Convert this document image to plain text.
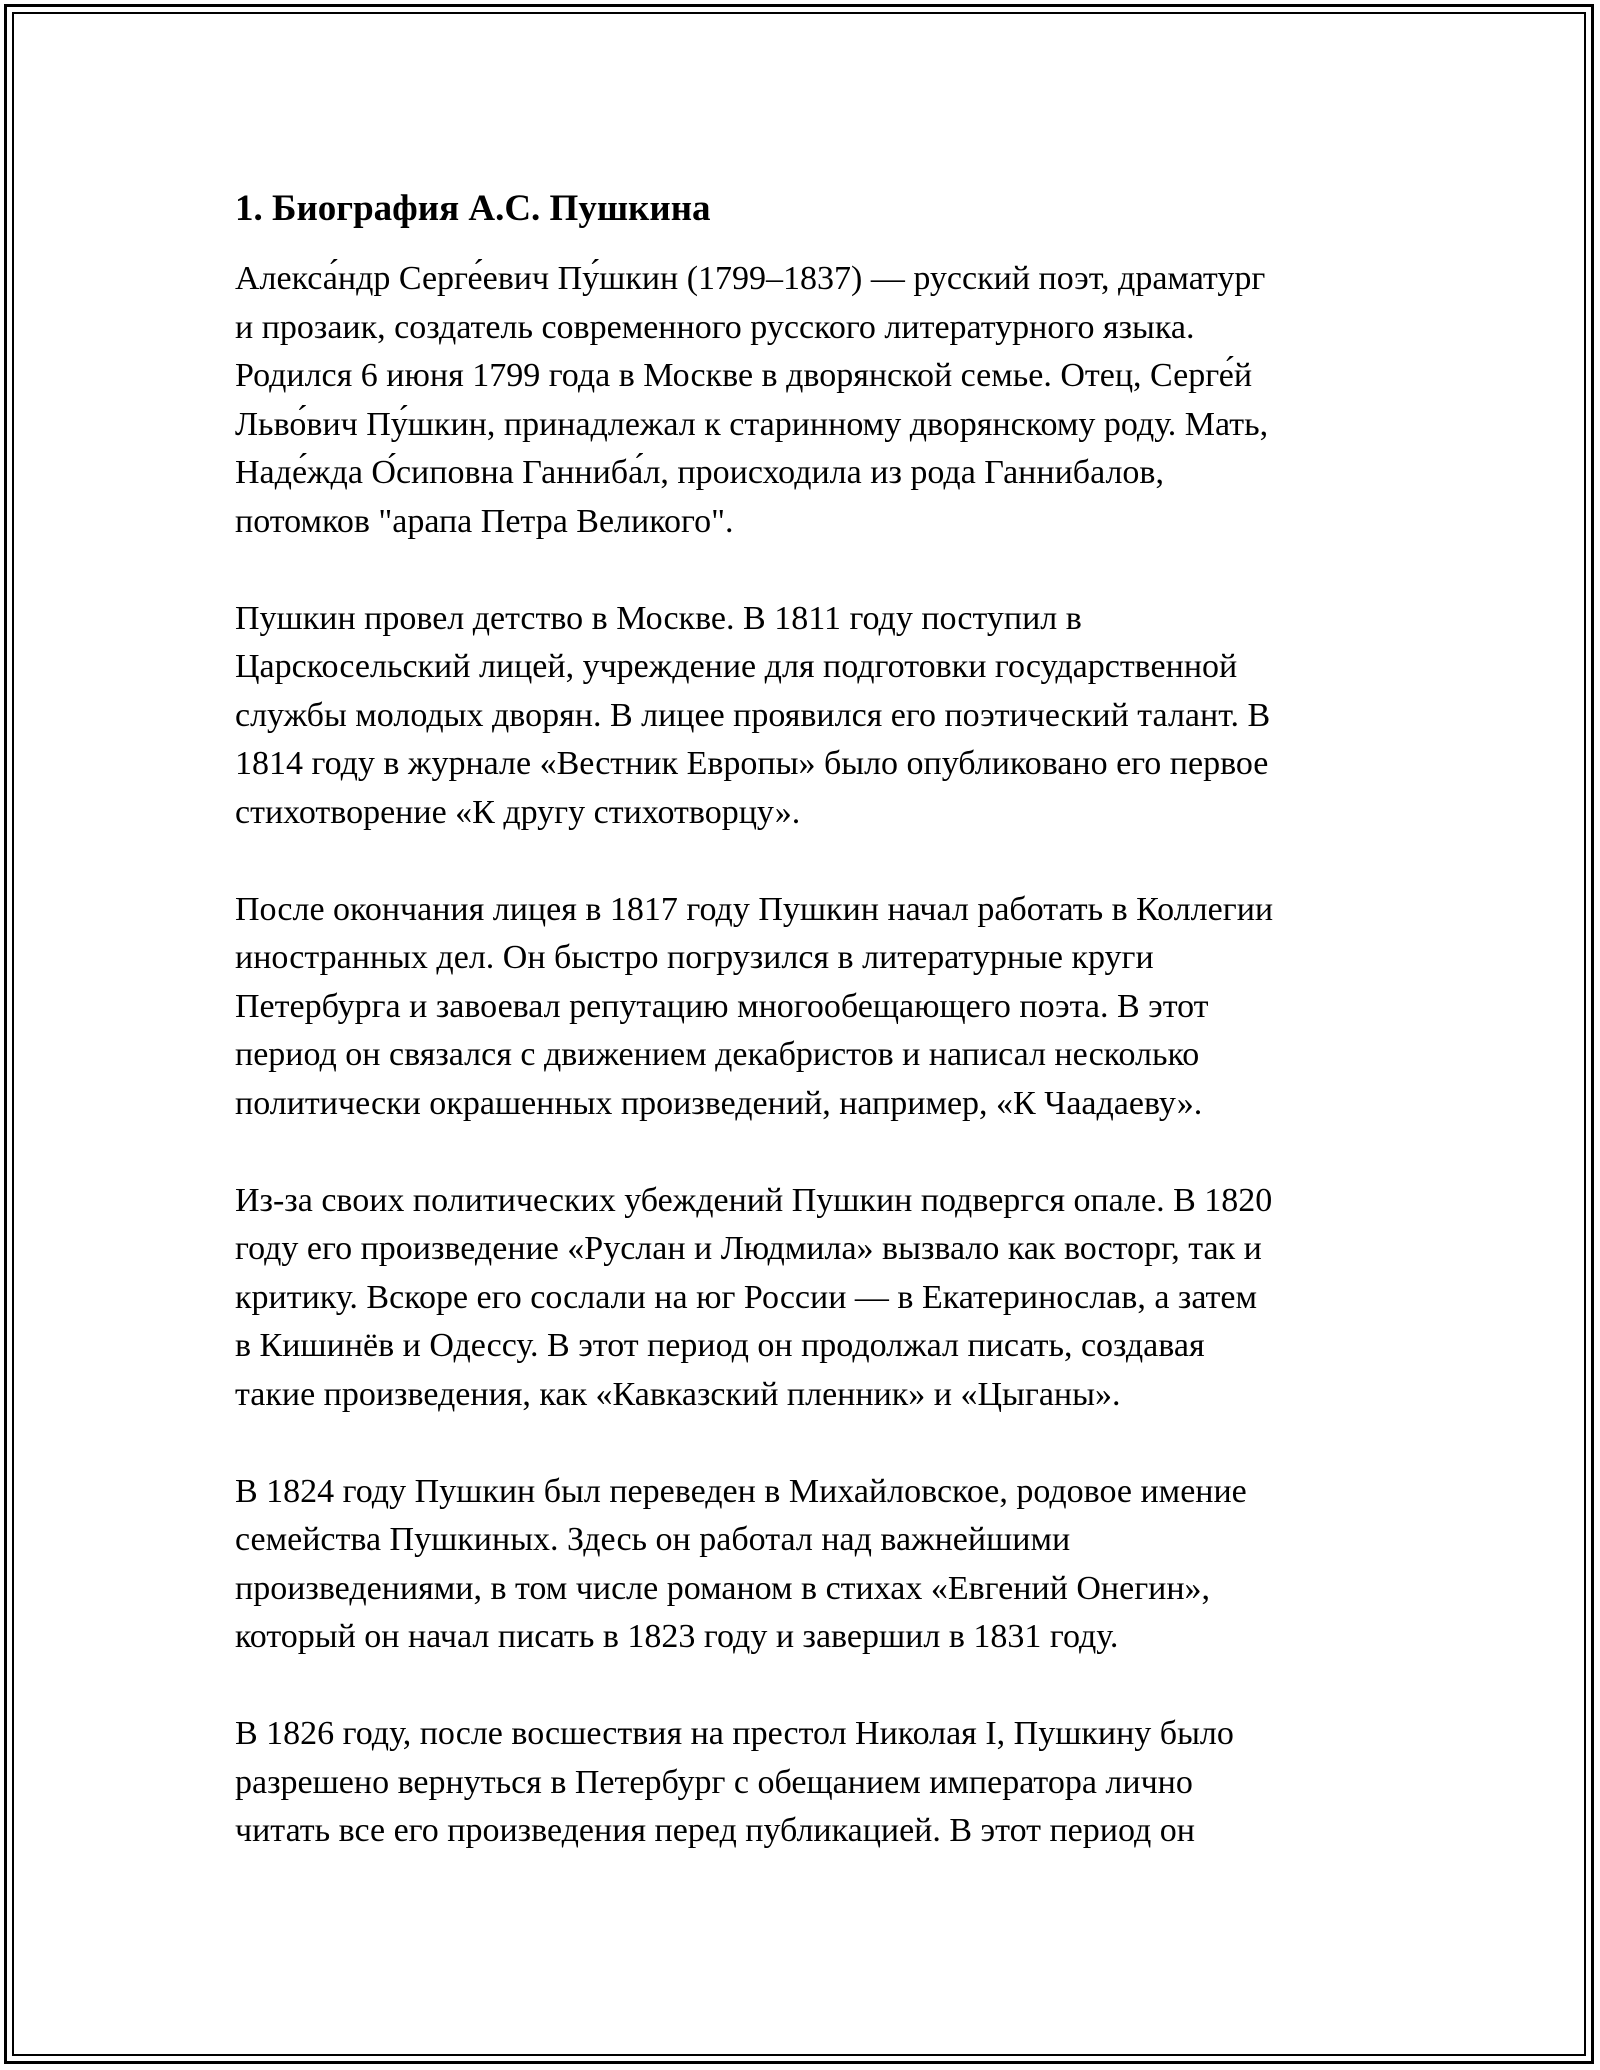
1. Биография А.С. Пушкина

Алекса́ндр Серге́евич Пу́шкин (1799–1837) — русский поэт, драматург
и прозаик, создатель современного русского литературного языка.
Родился 6 июня 1799 года в Москве в дворянской семье. Отец, Серге́й
Льво́вич Пу́шкин, принадлежал к старинному дворянскому роду. Мать,
Наде́жда О́сиповна Ганниба́л, происходила из рода Ганнибалов,
потомков "арапа Петра Великого".

Пушкин провел детство в Москве. В 1811 году поступил в
Царскосельский лицей, учреждение для подготовки государственной
службы молодых дворян. В лицее проявился его поэтический талант. В
1814 году в журнале «Вестник Европы» было опубликовано его первое
стихотворение «К другу стихотворцу».

После окончания лицея в 1817 году Пушкин начал работать в Коллегии
иностранных дел. Он быстро погрузился в литературные круги
Петербурга и завоевал репутацию многообещающего поэта. В этот
период он связался с движением декабристов и написал несколько
политически окрашенных произведений, например, «К Чаадаеву».

Из-за своих политических убеждений Пушкин подвергся опале. В 1820
году его произведение «Руслан и Людмила» вызвало как восторг, так и
критику. Вскоре его сослали на юг России — в Екатеринослав, а затем
в Кишинёв и Одессу. В этот период он продолжал писать, создавая
такие произведения, как «Кавказский пленник» и «Цыганы».

В 1824 году Пушкин был переведен в Михайловское, родовое имение
семейства Пушкиных. Здесь он работал над важнейшими
произведениями, в том числе романом в стихах «Евгений Онегин»,
который он начал писать в 1823 году и завершил в 1831 году.

В 1826 году, после восшествия на престол Николая I, Пушкину было
разрешено вернуться в Петербург с обещанием императора лично
читать все его произведения перед публикацией. В этот период он
